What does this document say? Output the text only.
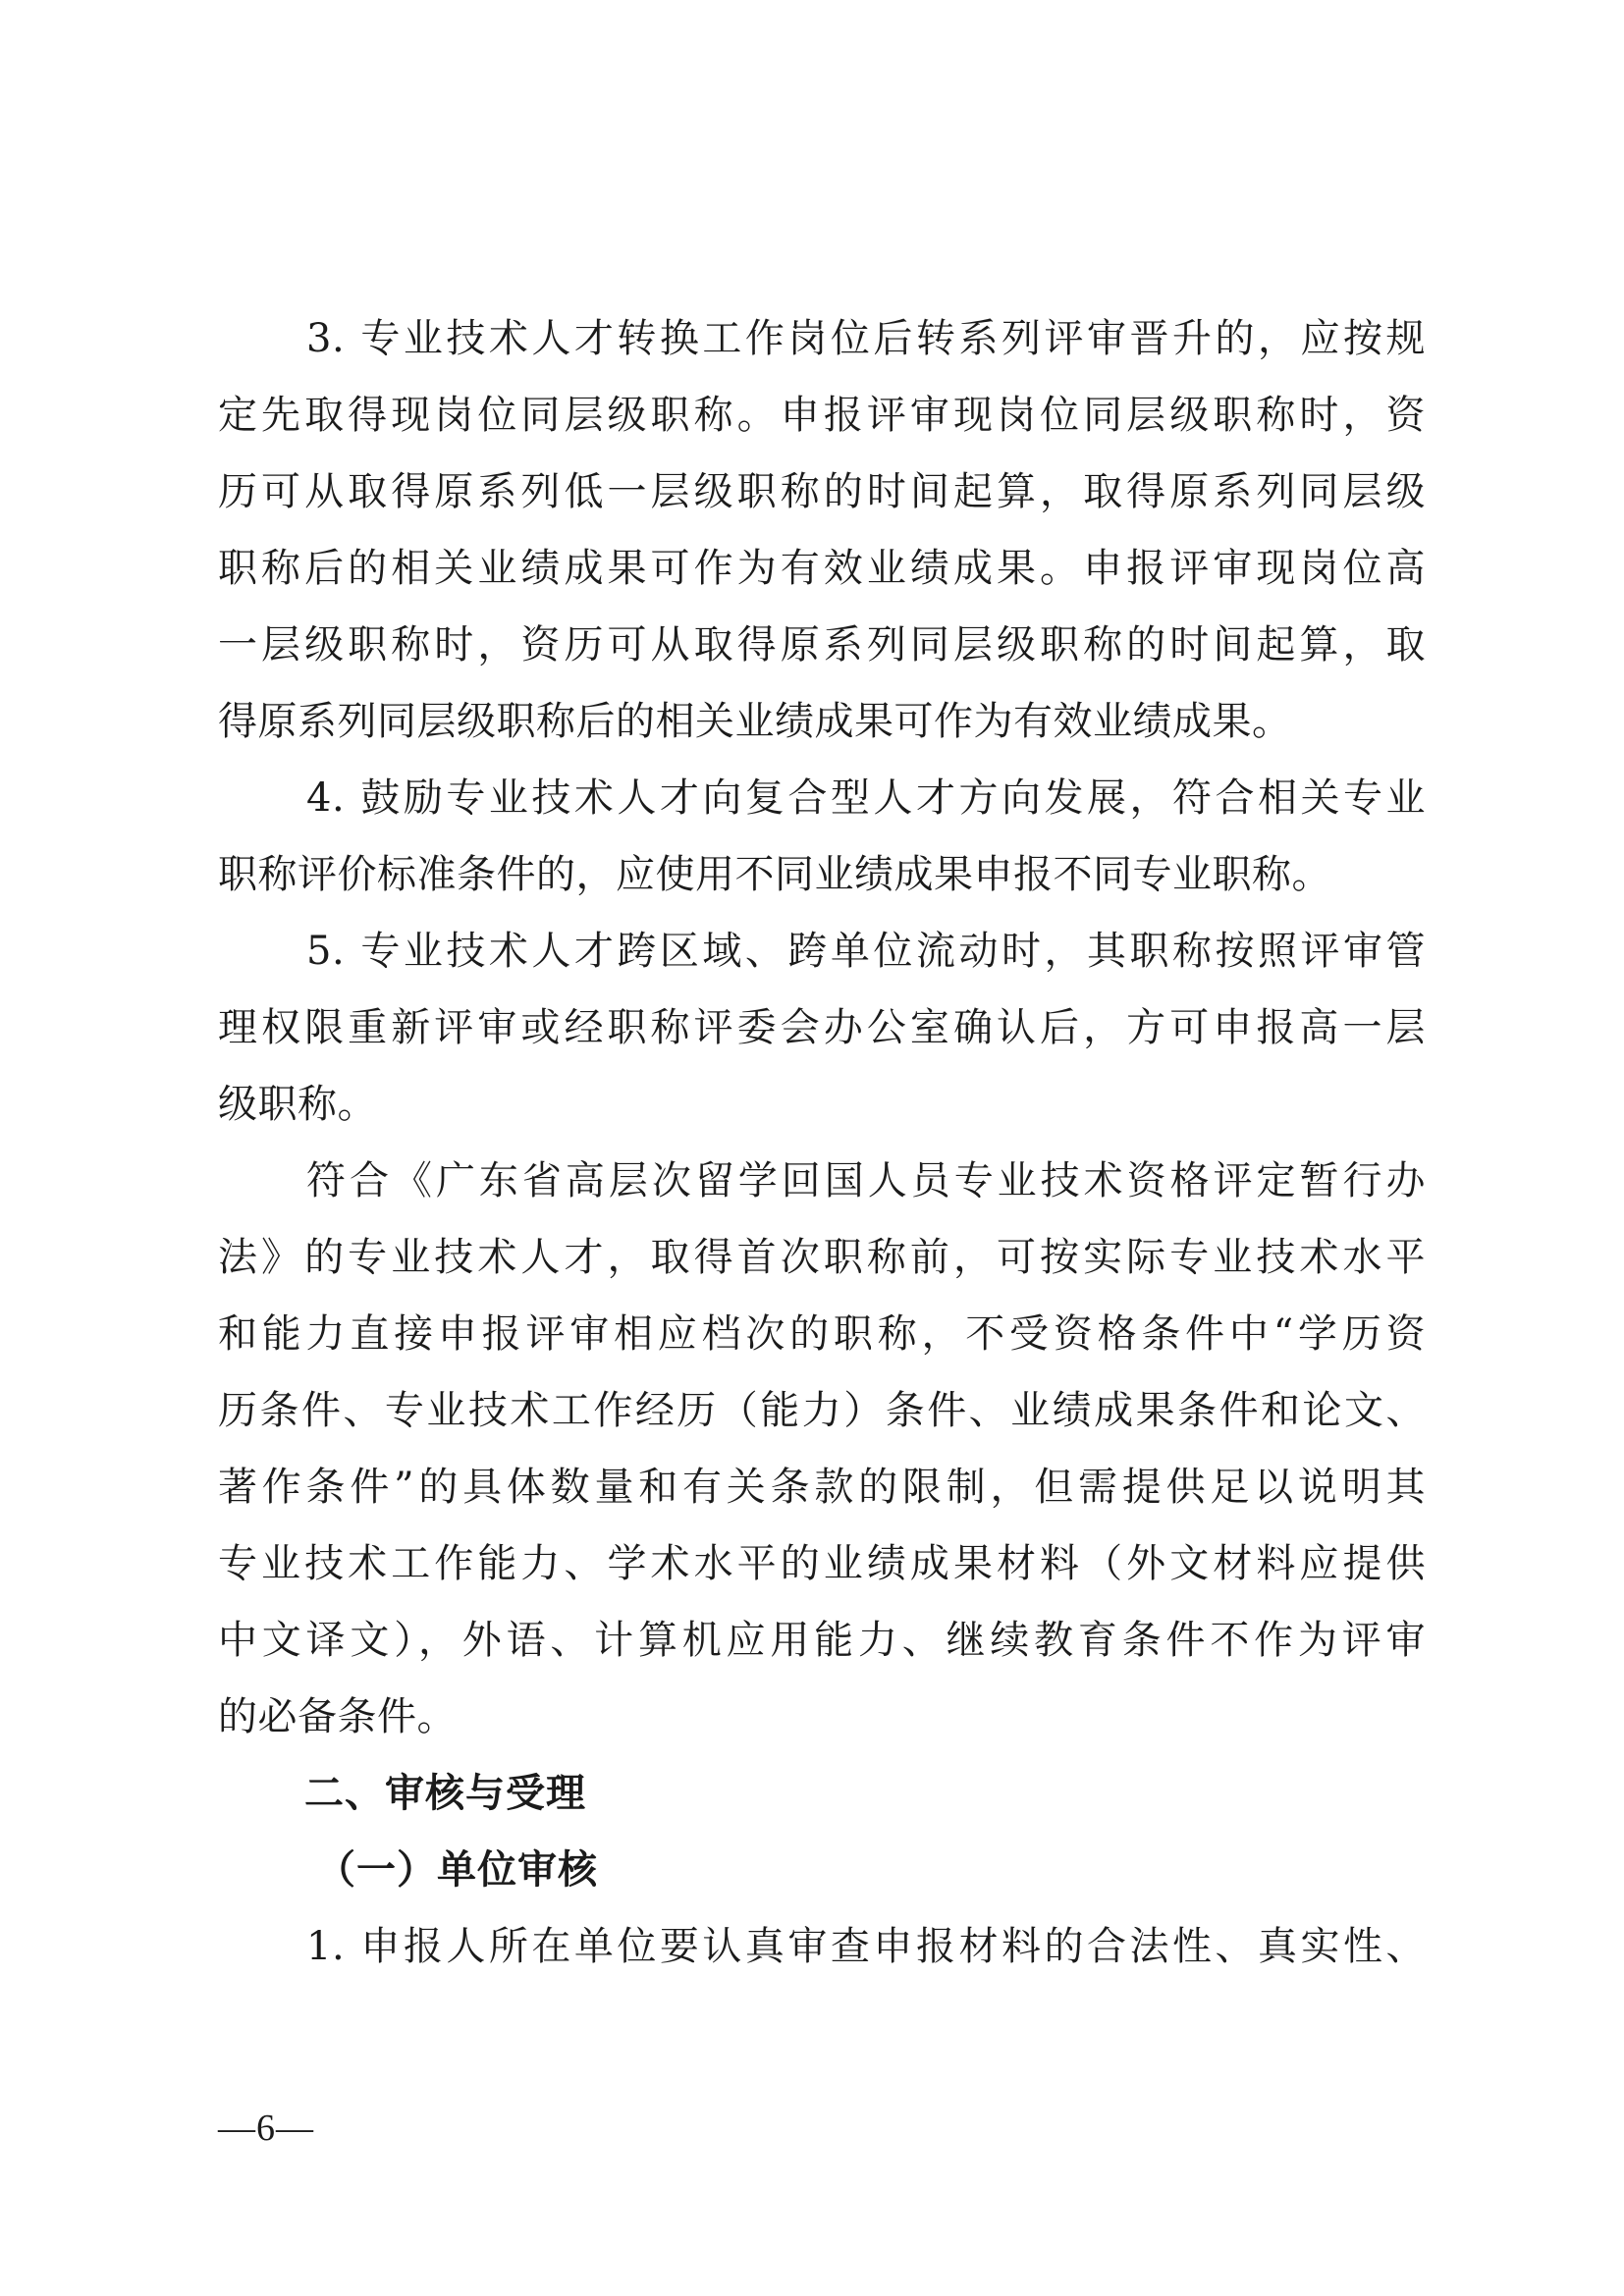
3. 专业技术人才转换工作岗位后转系列评审晋升的，应按规
定先取得现岗位同层级职称。申报评审现岗位同层级职称时，资
历可从取得原系列低一层级职称的时间起算，取得原系列同层级
职称后的相关业绩成果可作为有效业绩成果。申报评审现岗位高
一层级职称时，资历可从取得原系列同层级职称的时间起算，取
得原系列同层级职称后的相关业绩成果可作为有效业绩成果。
4. 鼓励专业技术人才向复合型人才方向发展，符合相关专业
职称评价标准条件的，应使用不同业绩成果申报不同专业职称。
5. 专业技术人才跨区域、跨单位流动时，其职称按照评审管
理权限重新评审或经职称评委会办公室确认后，方可申报高一层
级职称。
符合《广东省高层次留学回国人员专业技术资格评定暂行办
法》的专业技术人才，取得首次职称前，可按实际专业技术水平
和能力直接申报评审相应档次的职称，不受资格条件中“学历资
历条件、专业技术工作经历（能力）条件、业绩成果条件和论文、
著作条件”的具体数量和有关条款的限制，但需提供足以说明其
专业技术工作能力、学术水平的业绩成果材料（外文材料应提供
中文译文），外语、计算机应用能力、继续教育条件不作为评审
的必备条件。
二、审核与受理
（一）单位审核
1. 申报人所在单位要认真审查申报材料的合法性、真实性、
—6—
